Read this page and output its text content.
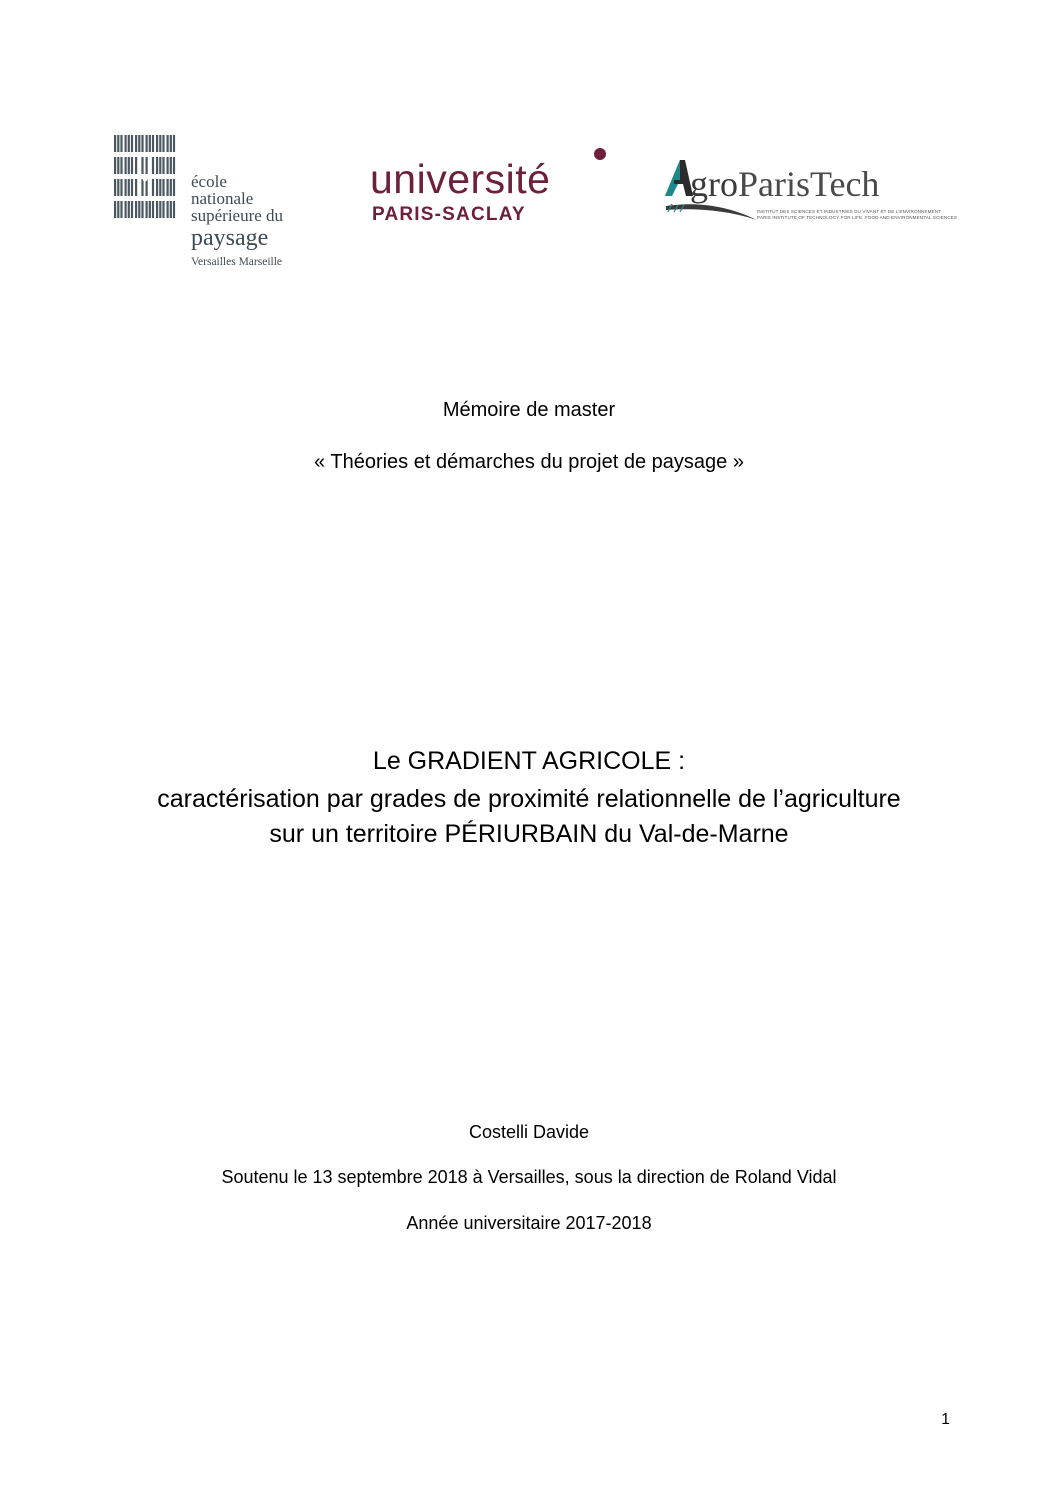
école
nationale
supérieure du
paysage
Versailles Marseille
université
PARIS-SACLAY
groParisTech
INSTITUT DES SCIENCES ET INDUSTRIES DU VIVANT ET DE L'ENVIRONNEMENT
PARIS INSTITUTE OF TECHNOLOGY FOR LIFE, FOOD AND ENVIRONMENTAL SCIENCES
Mémoire de master
« Théories et démarches du projet de paysage »
Le GRADIENT AGRICOLE :
caractérisation par grades de proximité relationnelle de l’agriculture
sur un territoire PÉRIURBAIN du Val-de-Marne
Costelli Davide
Soutenu le 13 septembre 2018 à Versailles, sous la direction de Roland Vidal
Année universitaire 2017-2018
1
